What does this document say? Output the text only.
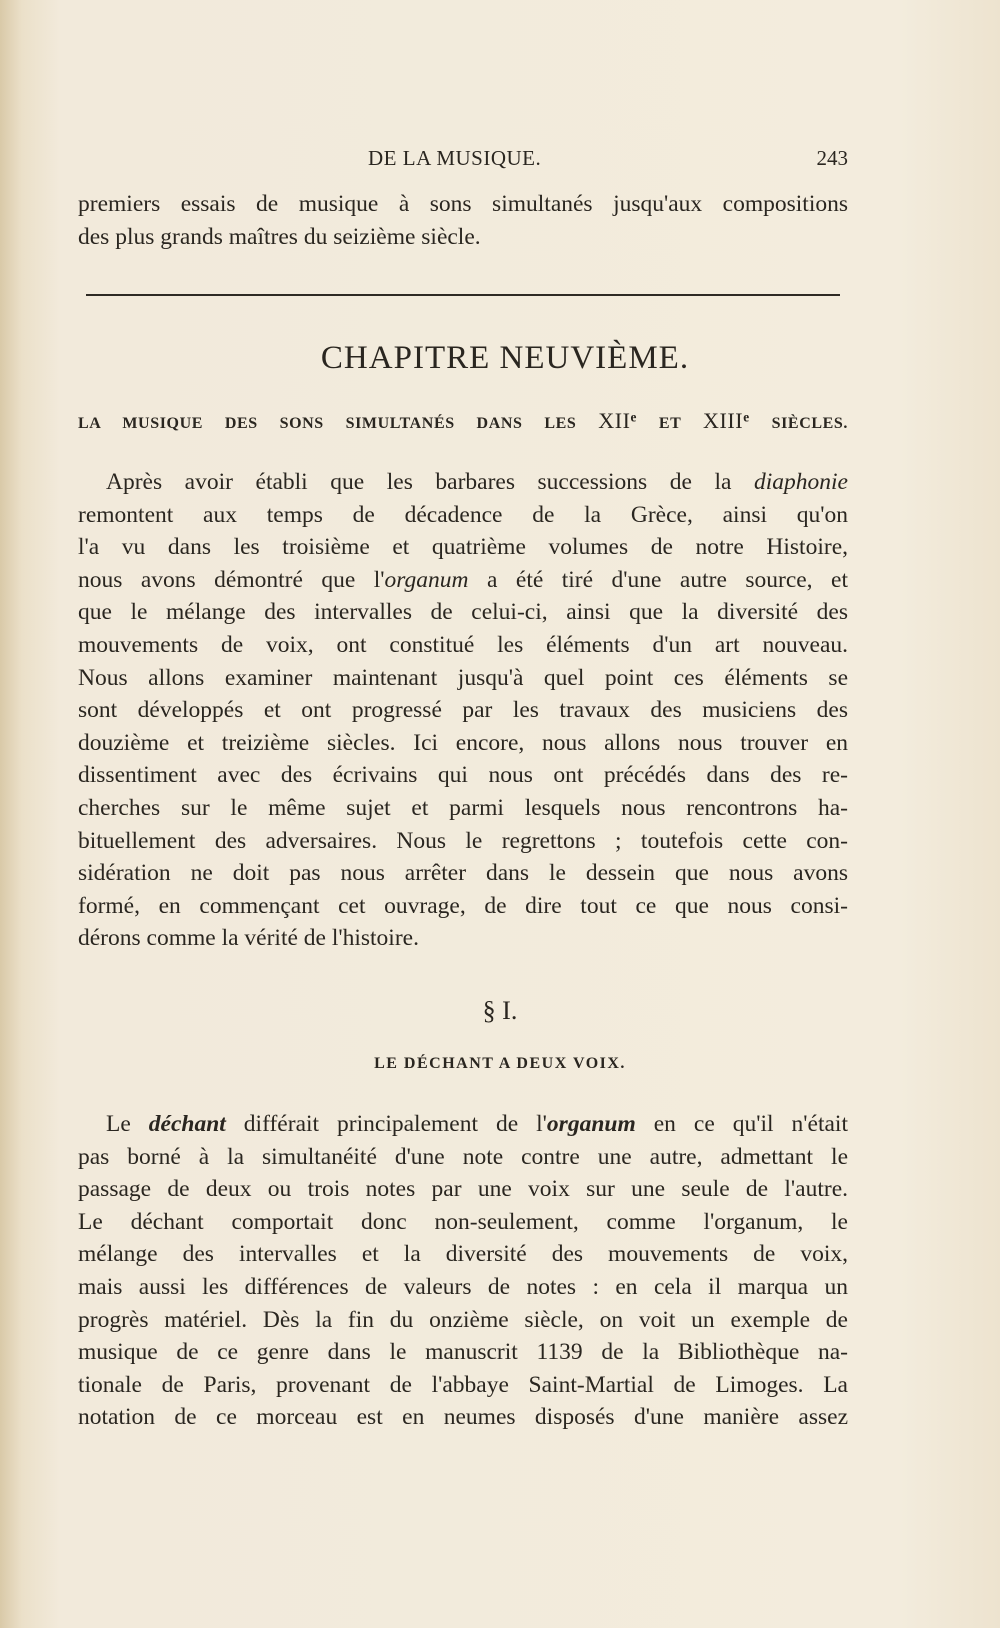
DE LA MUSIQUE.	243

premiers essais de musique à sons simultanés jusqu'aux compositions
des plus grands maîtres du seizième siècle.

CHAPITRE NEUVIÈME.
LA MUSIQUE DES SONS SIMULTANÉS DANS LES XIIe ET XIIIe SIÈCLES.

Après avoir établi que les barbares successions de la diaphonie
remontent aux temps de décadence de la Grèce, ainsi qu'on
l'a vu dans les troisième et quatrième volumes de notre Histoire,
nous avons démontré que l'organum a été tiré d'une autre source, et
que le mélange des intervalles de celui-ci, ainsi que la diversité des
mouvements de voix, ont constitué les éléments d'un art nouveau.
Nous allons examiner maintenant jusqu'à quel point ces éléments se
sont développés et ont progressé par les travaux des musiciens des
douzième et treizième siècles. Ici encore, nous allons nous trouver en
dissentiment avec des écrivains qui nous ont précédés dans des re-
cherches sur le même sujet et parmi lesquels nous rencontrons ha-
bituellement des adversaires. Nous le regrettons ; toutefois cette con-
sidération ne doit pas nous arrêter dans le dessein que nous avons
formé, en commençant cet ouvrage, de dire tout ce que nous consi-
dérons comme la vérité de l'histoire.

§ I.
LE DÉCHANT A DEUX VOIX.

Le déchant différait principalement de l'organum en ce qu'il n'était
pas borné à la simultanéité d'une note contre une autre, admettant le
passage de deux ou trois notes par une voix sur une seule de l'autre.
Le déchant comportait donc non-seulement, comme l'organum, le
mélange des intervalles et la diversité des mouvements de voix,
mais aussi les différences de valeurs de notes : en cela il marqua un
progrès matériel. Dès la fin du onzième siècle, on voit un exemple de
musique de ce genre dans le manuscrit 1139 de la Bibliothèque na-
tionale de Paris, provenant de l'abbaye Saint-Martial de Limoges. La
notation de ce morceau est en neumes disposés d'une manière assez
